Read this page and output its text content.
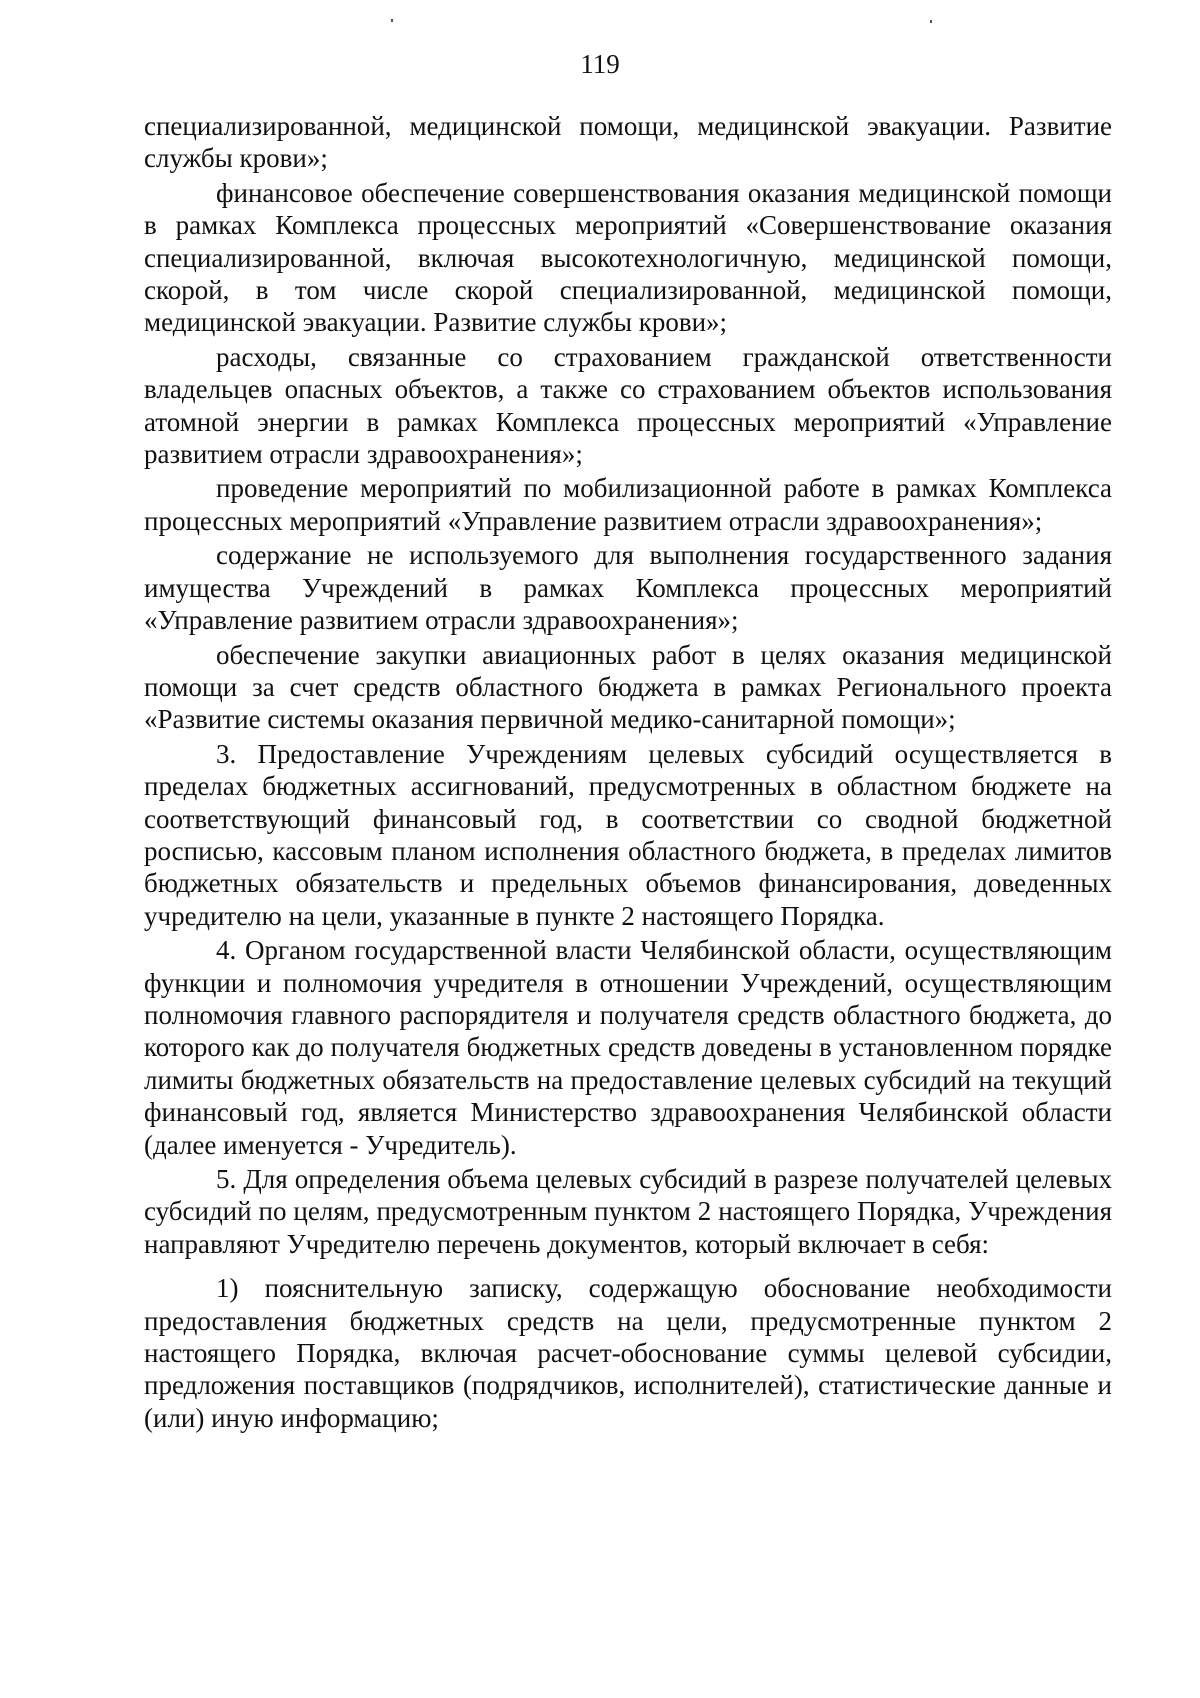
119

специализированной, медицинской помощи, медицинской эвакуации. Развитие службы крови»;

финансовое обеспечение совершенствования оказания медицинской помощи в рамках Комплекса процессных мероприятий «Совершенствование оказания специализированной, включая высокотехнологичную, медицинской помощи, скорой, в том числе скорой специализированной, медицинской помощи, медицинской эвакуации. Развитие службы крови»;

расходы, связанные со страхованием гражданской ответственности владельцев опасных объектов, а также со страхованием объектов использования атомной энергии в рамках Комплекса процессных мероприятий «Управление развитием отрасли здравоохранения»;

проведение мероприятий по мобилизационной работе в рамках Комплекса процессных мероприятий «Управление развитием отрасли здравоохранения»;

содержание не используемого для выполнения государственного задания имущества Учреждений в рамках Комплекса процессных мероприятий «Управление развитием отрасли здравоохранения»;

обеспечение закупки авиационных работ в целях оказания медицинской помощи за счет средств областного бюджета в рамках Регионального проекта «Развитие системы оказания первичной медико-санитарной помощи»;

3. Предоставление Учреждениям целевых субсидий осуществляется в пределах бюджетных ассигнований, предусмотренных в областном бюджете на соответствующий финансовый год, в соответствии со сводной бюджетной росписью, кассовым планом исполнения областного бюджета, в пределах лимитов бюджетных обязательств и предельных объемов финансирования, доведенных учредителю на цели, указанные в пункте 2 настоящего Порядка.

4. Органом государственной власти Челябинской области, осуществляющим функции и полномочия учредителя в отношении Учреждений, осуществляющим полномочия главного распорядителя и получателя средств областного бюджета, до которого как до получателя бюджетных средств доведены в установленном порядке лимиты бюджетных обязательств на предоставление целевых субсидий на текущий финансовый год, является Министерство здравоохранения Челябинской области (далее именуется - Учредитель).

5. Для определения объема целевых субсидий в разрезе получателей целевых субсидий по целям, предусмотренным пунктом 2 настоящего Порядка, Учреждения направляют Учредителю перечень документов, который включает в себя:

1) пояснительную записку, содержащую обоснование необходимости предоставления бюджетных средств на цели, предусмотренные пунктом 2 настоящего Порядка, включая расчет-обоснование суммы целевой субсидии, предложения поставщиков (подрядчиков, исполнителей), статистические данные и (или) иную информацию;
